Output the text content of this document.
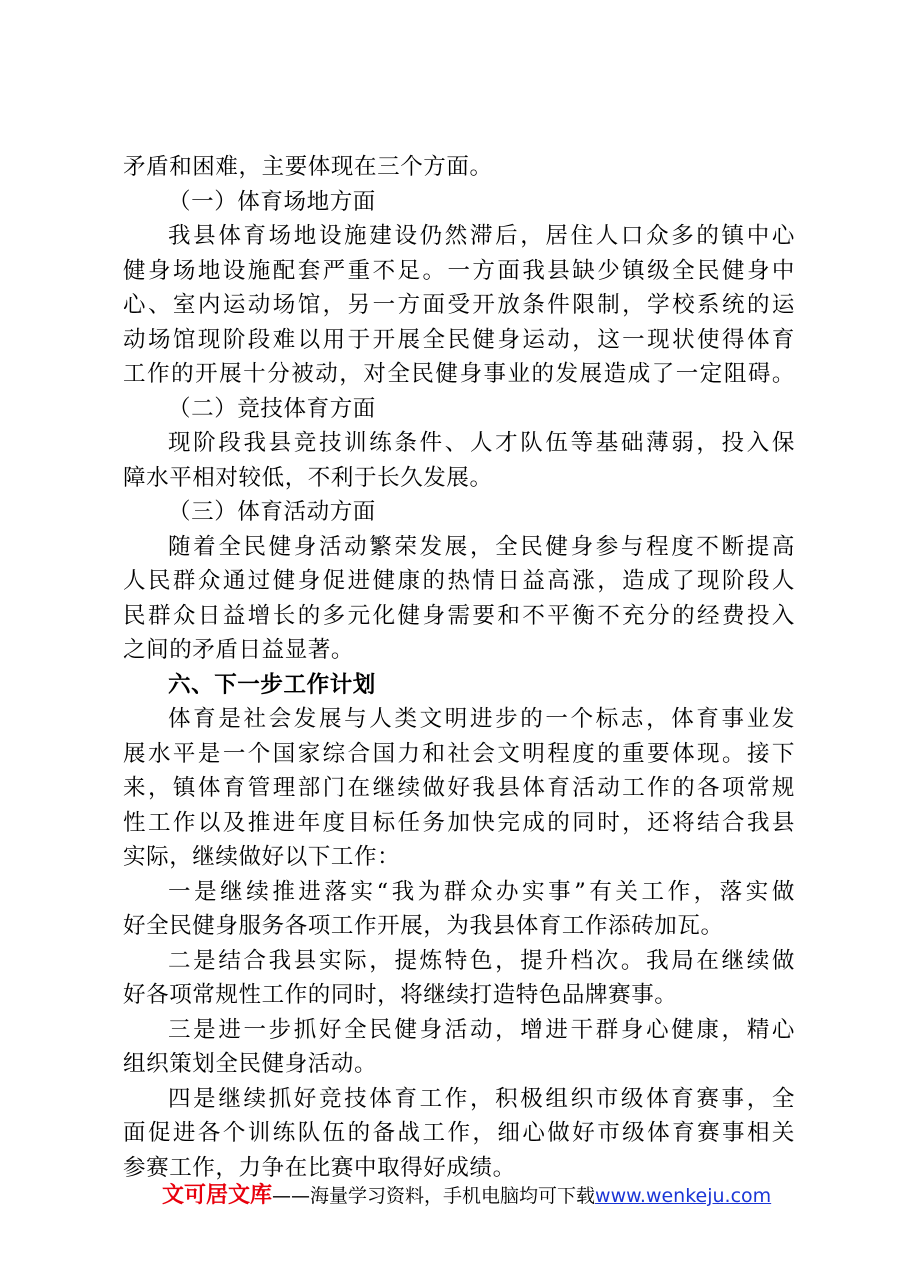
矛盾和困难，主要体现在三个方面。
（一）体育场地方面
我县体育场地设施建设仍然滞后，居住人口众多的镇中心
健身场地设施配套严重不足。一方面我县缺少镇级全民健身中
心、室内运动场馆，另一方面受开放条件限制，学校系统的运
动场馆现阶段难以用于开展全民健身运动，这一现状使得体育
工作的开展十分被动，对全民健身事业的发展造成了一定阻碍。
（二）竞技体育方面
现阶段我县竞技训练条件、人才队伍等基础薄弱，投入保
障水平相对较低，不利于长久发展。
（三）体育活动方面
随着全民健身活动繁荣发展，全民健身参与程度不断提高
人民群众通过健身促进健康的热情日益高涨，造成了现阶段人
民群众日益增长的多元化健身需要和不平衡不充分的经费投入
之间的矛盾日益显著。
六、下一步工作计划
体育是社会发展与人类文明进步的一个标志，体育事业发
展水平是一个国家综合国力和社会文明程度的重要体现。接下
来，镇体育管理部门在继续做好我县体育活动工作的各项常规
性工作以及推进年度目标任务加快完成的同时，还将结合我县
实际，继续做好以下工作：
一是继续推进落实“我为群众办实事”有关工作，落实做
好全民健身服务各项工作开展，为我县体育工作添砖加瓦。
二是结合我县实际，提炼特色，提升档次。我局在继续做
好各项常规性工作的同时，将继续打造特色品牌赛事。
三是进一步抓好全民健身活动，增进干群身心健康，精心
组织策划全民健身活动。
四是继续抓好竞技体育工作，积极组织市级体育赛事，全
面促进各个训练队伍的备战工作，细心做好市级体育赛事相关
参赛工作，力争在比赛中取得好成绩。
文可居文库——海量学习资料，手机电脑均可下载www.wenkeju.com
